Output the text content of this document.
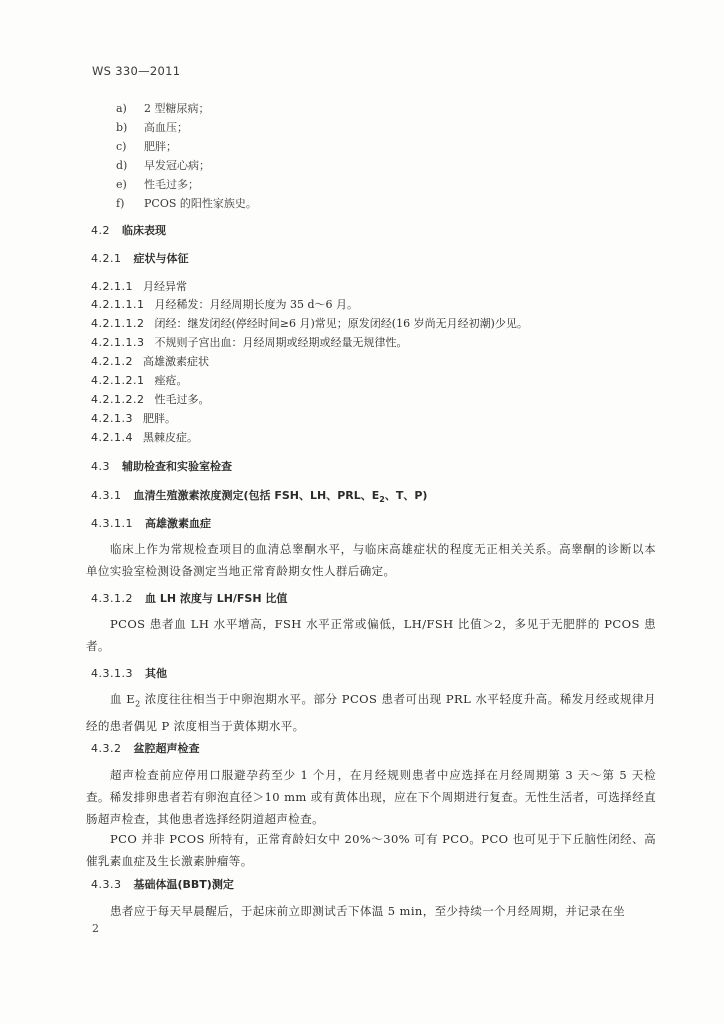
WS 330—2011
a) 2 型糖尿病；
b) 高血压；
c) 肥胖；
d) 早发冠心病；
e) 性毛过多；
f) PCOS 的阳性家族史。
4.2 临床表现
4.2.1 症状与体征
4.2.1.1 月经异常
4.2.1.1.1 月经稀发：月经周期长度为 35 d～6 月。
4.2.1.1.2 闭经：继发闭经(停经时间≥6 月)常见；原发闭经(16 岁尚无月经初潮)少见。
4.2.1.1.3 不规则子宫出血：月经周期或经期或经量无规律性。
4.2.1.2 高雄激素症状
4.2.1.2.1 痤疮。
4.2.1.2.2 性毛过多。
4.2.1.3 肥胖。
4.2.1.4 黑棘皮症。
4.3 辅助检查和实验室检查
4.3.1 血清生殖激素浓度测定(包括 FSH、LH、PRL、$E_2$、T、P)
4.3.1.1 高雄激素血症
临床上作为常规检查项目的血清总睾酮水平，与临床高雄症状的程度无正相关关系。高睾酮的诊断以本单位实验室检测设备测定当地正常育龄期女性人群后确定。
4.3.1.2 血 LH 浓度与 LH/FSH 比值
PCOS 患者血 LH 水平增高，FSH 水平正常或偏低，LH/FSH 比值＞2，多见于无肥胖的 PCOS 患者。
4.3.1.3 其他
血 $E_2$ 浓度往往相当于中卵泡期水平。部分 PCOS 患者可出现 PRL 水平轻度升高。稀发月经或规律月经的患者偶见 P 浓度相当于黄体期水平。
4.3.2 盆腔超声检查
超声检查前应停用口服避孕药至少 1 个月，在月经规则患者中应选择在月经周期第 3 天～第 5 天检查。稀发排卵患者若有卵泡直径＞10 mm 或有黄体出现，应在下个周期进行复查。无性生活者，可选择经直肠超声检查，其他患者选择经阴道超声检查。
PCO 并非 PCOS 所特有，正常育龄妇女中 20%～30% 可有 PCO。PCO 也可见于下丘脑性闭经、高催乳素血症及生长激素肿瘤等。
4.3.3 基础体温(BBT)测定
患者应于每天早晨醒后，于起床前立即测试舌下体温 5 min，至少持续一个月经周期，并记录在坐
2
